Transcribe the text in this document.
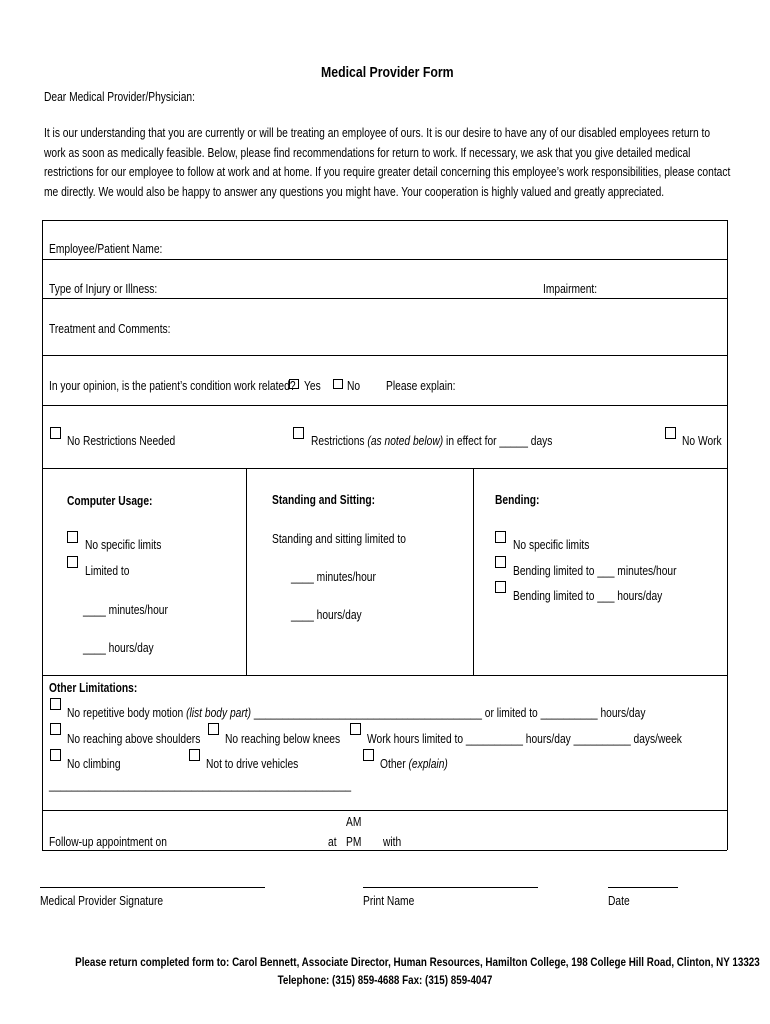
Medical Provider Form
Dear Medical Provider/Physician:
It is our understanding that you are currently or will be treating an employee of ours. It is our desire to have any of our disabled employees return to work as soon as medically feasible. Below, please find recommendations for return to work. If necessary, we ask that you give detailed medical restrictions for our employee to follow at work and at home. If you require greater detail concerning this employee’s work responsibilities, please contact me directly. We would also be happy to answer any questions you might have. Your cooperation is highly valued and greatly appreciated.
Employee/Patient Name:
Type of Injury or Illness:	Impairment:
Treatment and Comments:
In your opinion, is the patient’s condition work related? Yes No Please explain:
No Restrictions Needed	Restrictions (as noted below) in effect for _____ days	No Work
Computer Usage:
No specific limits
Limited to
____ minutes/hour
____ hours/day
Standing and Sitting:
Standing and sitting limited to
____ minutes/hour
____ hours/day
Bending:
No specific limits
Bending limited to ___ minutes/hour
Bending limited to ___ hours/day
Other Limitations:
No repetitive body motion (list body part) ________________________________________ or limited to __________ hours/day
No reaching above shoulders	No reaching below knees	Work hours limited to __________ hours/day __________ days/week
No climbing	Not to drive vehicles	Other (explain)
_____________________________________________________
Follow-up appointment on	at
AM
PM with
Medical Provider Signature	Print Name	Date
Please return completed form to: Carol Bennett, Associate Director, Human Resources, Hamilton College, 198 College Hill Road, Clinton, NY 13323
Telephone: (315) 859-4688 Fax: (315) 859-4047
